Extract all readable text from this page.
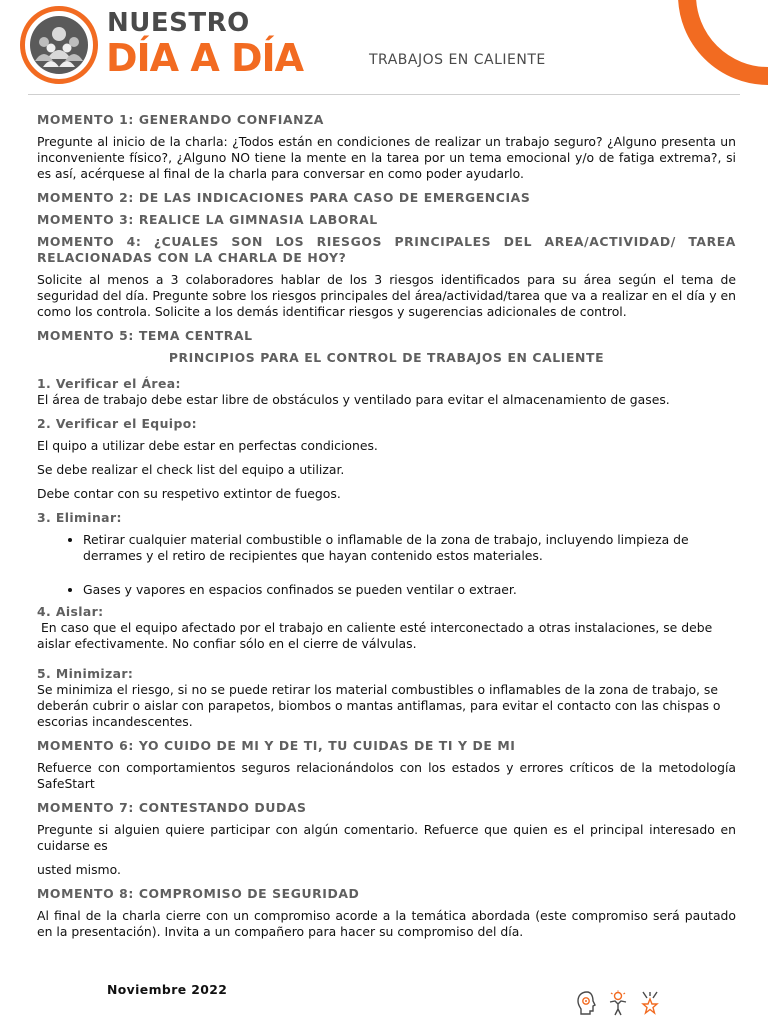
NUESTRO
DÍA A DÍA	TRABAJOS EN CALIENTE
MOMENTO 1: GENERANDO CONFIANZA

Pregunte al inicio de la charla: ¿Todos están en condiciones de realizar un trabajo seguro? ¿Alguno presenta un inconveniente físico?, ¿Alguno NO tiene la mente en la tarea por un tema emocional y/o de fatiga extrema?, si es así, acérquese al final de la charla para conversar en como poder ayudarlo.

MOMENTO 2: DE LAS INDICACIONES PARA CASO DE EMERGENCIAS
MOMENTO 3: REALICE LA GIMNASIA LABORAL
MOMENTO 4: ¿CUALES SON LOS RIESGOS PRINCIPALES DEL AREA/ACTIVIDAD/ TAREA RELACIONADAS CON LA CHARLA DE HOY?

Solicite al menos a 3 colaboradores hablar de los 3 riesgos identificados para su área según el tema de seguridad del día. Pregunte sobre los riesgos principales del área/actividad/tarea que va a realizar en el día y en como los controla. Solicite a los demás identificar riesgos y sugerencias adicionales de control.

MOMENTO 5: TEMA CENTRAL
PRINCIPIOS PARA EL CONTROL DE TRABAJOS EN CALIENTE
1. Verificar el Área:

El área de trabajo debe estar libre de obstáculos y ventilado para evitar el almacenamiento de gases.

2. Verificar el Equipo:

El quipo a utilizar debe estar en perfectas condiciones.

Se debe realizar el check list del equipo a utilizar.

Debe contar con su respetivo extintor de fuegos.

3. Eliminar:
• Retirar cualquier material combustible o inflamable de la zona de trabajo, incluyendo limpieza de derrames y el retiro de recipientes que hayan contenido estos materiales.
• Gases y vapores en espacios confinados se pueden ventilar o extraer.
4. Aislar:

En caso que el equipo afectado por el trabajo en caliente esté interconectado a otras instalaciones, se debe aislar efectivamente. No confiar sólo en el cierre de válvulas.

5. Minimizar:

Se minimiza el riesgo, si no se puede retirar los material combustibles o inflamables de la zona de trabajo, se deberán cubrir o aislar con parapetos, biombos o mantas antiflamas, para evitar el contacto con las chispas o escorias incandescentes.

MOMENTO 6: YO CUIDO DE MI Y DE TI, TU CUIDAS DE TI Y DE MI

Refuerce con comportamientos seguros relacionándolos con los estados y errores críticos de la metodología SafeStart

MOMENTO 7: CONTESTANDO DUDAS

Pregunte si alguien quiere participar con algún comentario. Refuerce que quien es el principal interesado en cuidarse es

usted mismo.

MOMENTO 8: COMPROMISO DE SEGURIDAD

Al final de la charla cierre con un compromiso acorde a la temática abordada (este compromiso será pautado en la presentación). Invita a un compañero para hacer su compromiso del día.

Noviembre 2022
